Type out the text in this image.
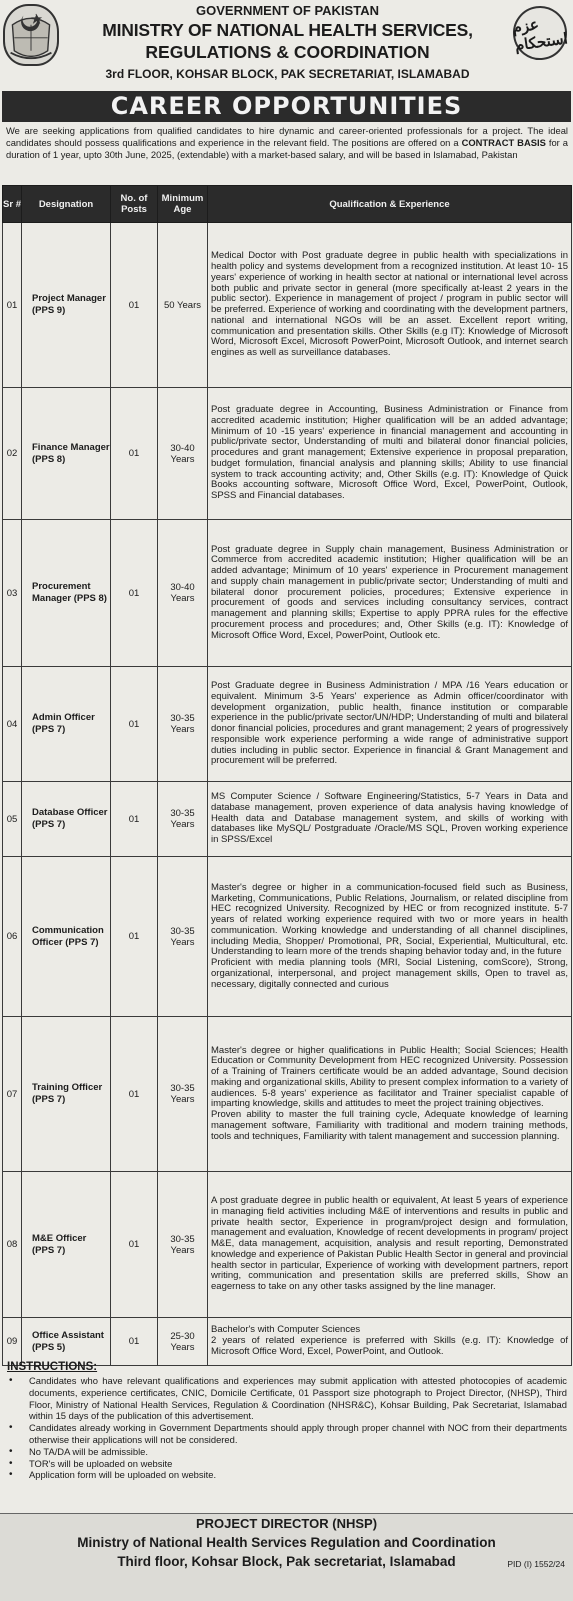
GOVERNMENT OF PAKISTAN
MINISTRY OF NATIONAL HEALTH SERVICES,
REGULATIONS & COORDINATION
3rd FLOOR, KOHSAR BLOCK, PAK SECRETARIAT, ISLAMABAD
عزم استحکام
CAREER OPPORTUNITIES
We are seeking applications from qualified candidates to hire dynamic and career-oriented professionals for a project. The ideal candidates should possess qualifications and experience in the relevant field. The positions are offered on a CONTRACT BASIS for a duration of 1 year, upto 30th June, 2025, (extendable) with a market-based salary, and will be based in Islamabad, Pakistan
Sr #	Designation	No. of Posts	Minimum Age	Qualification & Experience
01	Project Manager (PPS 9)	01	50 Years	Medical Doctor with Post graduate degree in public health with specializations in health policy and systems development from a recognized institution. At least 10- 15 years' experience of working in health sector at national or international level across both public and private sector in general (more specifically at-least 2 years in the public sector). Experience in management of project / program in public sector will be preferred. Experience of working and coordinating with the development partners, national and international NGOs will be an asset. Excellent report writing, communication and presentation skills. Other Skills (e.g IT): Knowledge of Microsoft Word, Microsoft Excel, Microsoft PowerPoint, Microsoft Outlook, and internet search engines as well as surveillance databases.

02	Finance Manager (PPS 8)	01	30-40 Years	Post graduate degree in Accounting, Business Administration or Finance from accredited academic institution; Higher qualification will be an added advantage; Minimum of 10 -15 years' experience in financial management and accounting in public/private sector, Understanding of multi and bilateral donor financial policies, procedures and grant management; Extensive experience in proposal preparation, budget formulation, financial analysis and planning skills; Ability to use financial system to track accounting activity; and, Other Skills (e.g. IT): Knowledge of Quick Books accounting software, Microsoft Office Word, Excel, PowerPoint, Outlook, SPSS and Financial databases.

03	Procurement Manager (PPS 8)	01	30-40 Years	Post graduate degree in Supply chain management, Business Administration or Commerce from accredited academic institution; Higher qualification will be an added advantage; Minimum of 10 years' experience in Procurement management and supply chain management in public/private sector; Understanding of multi and bilateral donor procurement policies, procedures; Extensive experience in procurement of goods and services including consultancy services, contract management and planning skills; Expertise to apply PPRA rules for the effective procurement process and procedures; and, Other Skills (e.g. IT): Knowledge of Microsoft Office Word, Excel, PowerPoint, Outlook etc.

04	Admin Officer (PPS 7)	01	30-35 Years	Post Graduate degree in Business Administration / MPA /16 Years education or equivalent. Minimum 3-5 Years' experience as Admin officer/coordinator with development organization, public health, finance institution or comparable experience in the public/private sector/UN/HDP; Understanding of multi and bilateral donor financial policies, procedures and grant management; 2 years of progressively responsible work experience performing a wide range of administrative support duties including in public sector. Experience in financial & Grant Management and procurement will be preferred.

05	Database Officer (PPS 7)	01	30-35 Years	MS Computer Science / Software Engineering/Statistics, 5-7 Years in Data and database management, proven experience of data analysis having knowledge of Health data and Database management system, and skills of working with databases like MySQL/ Postgraduate /Oracle/MS SQL, Proven working experience in SPSS/Excel

06	Communication Officer (PPS 7)	01	30-35 Years	Master's degree or higher in a communication-focused field such as Business, Marketing, Communications, Public Relations, Journalism, or related discipline from HEC recognized University. Recognized by HEC or from recognized institute. 5-7 years of related working experience required with two or more years in health communication. Working knowledge and understanding of all channel disciplines, including Media, Shopper/ Promotional, PR, Social, Experiential, Multicultural, etc. Understanding to learn more of the trends shaping behavior today and, in the future
Proficient with media planning tools (MRI, Social Listening, comScore), Strong, organizational, interpersonal, and project management skills, Open to travel as, necessary, digitally connected and curious

07	Training Officer (PPS 7)	01	30-35 Years	Master's degree or higher qualifications in Public Health; Social Sciences; Health Education or Community Development from HEC recognized University. Possession of a Training of Trainers certificate would be an added advantage, Sound decision making and organizational skills, Ability to present complex information to a variety of audiences. 5-8 years' experience as facilitator and Trainer specialist capable of imparting knowledge, skills and attitudes to meet the project training objectives.
Proven ability to master the full training cycle, Adequate knowledge of learning management software, Familiarity with traditional and modern training methods, tools and techniques, Familiarity with talent management and succession planning.

08	M&E Officer (PPS 7)	01	30-35 Years	A post graduate degree in public health or equivalent, At least 5 years of experience in managing field activities including M&E of interventions and results in public and private health sector, Experience in program/project design and formulation, management and evaluation, Knowledge of recent developments in program/ project M&E, data management, acquisition, analysis and result reporting, Demonstrated knowledge and experience of Pakistan Public Health Sector in general and provincial health sector in particular, Experience of working with development partners, report writing, communication and presentation skills are preferred skills, Show an eagerness to take on any other tasks assigned by the line manager.

09	Office Assistant (PPS 5)	01	25-30 Years	Bachelor's with Computer Sciences
2 years of related experience is preferred with Skills (e.g. IT): Knowledge of Microsoft Office Word, Excel, PowerPoint, and Outlook.
INSTRUCTIONS:
• Candidates who have relevant qualifications and experiences may submit application with attested photocopies of academic documents, experience certificates, CNIC, Domicile Certificate, 01 Passport size photograph to Project Director, (NHSP), Third Floor, Ministry of National Health Services, Regulation & Coordination (NHSR&C), Kohsar Building, Pak Secretariat, Islamabad within 15 days of the publication of this advertisement.
• Candidates already working in Government Departments should apply through proper channel with NOC from their departments otherwise their applications will not be considered.
• No TA/DA will be admissible.
• TOR's will be uploaded on website
• Application form will be uploaded on website.
PROJECT DIRECTOR (NHSP)
Ministry of National Health Services Regulation and Coordination
Third floor, Kohsar Block, Pak secretariat, Islamabad	PID (I) 1552/24
